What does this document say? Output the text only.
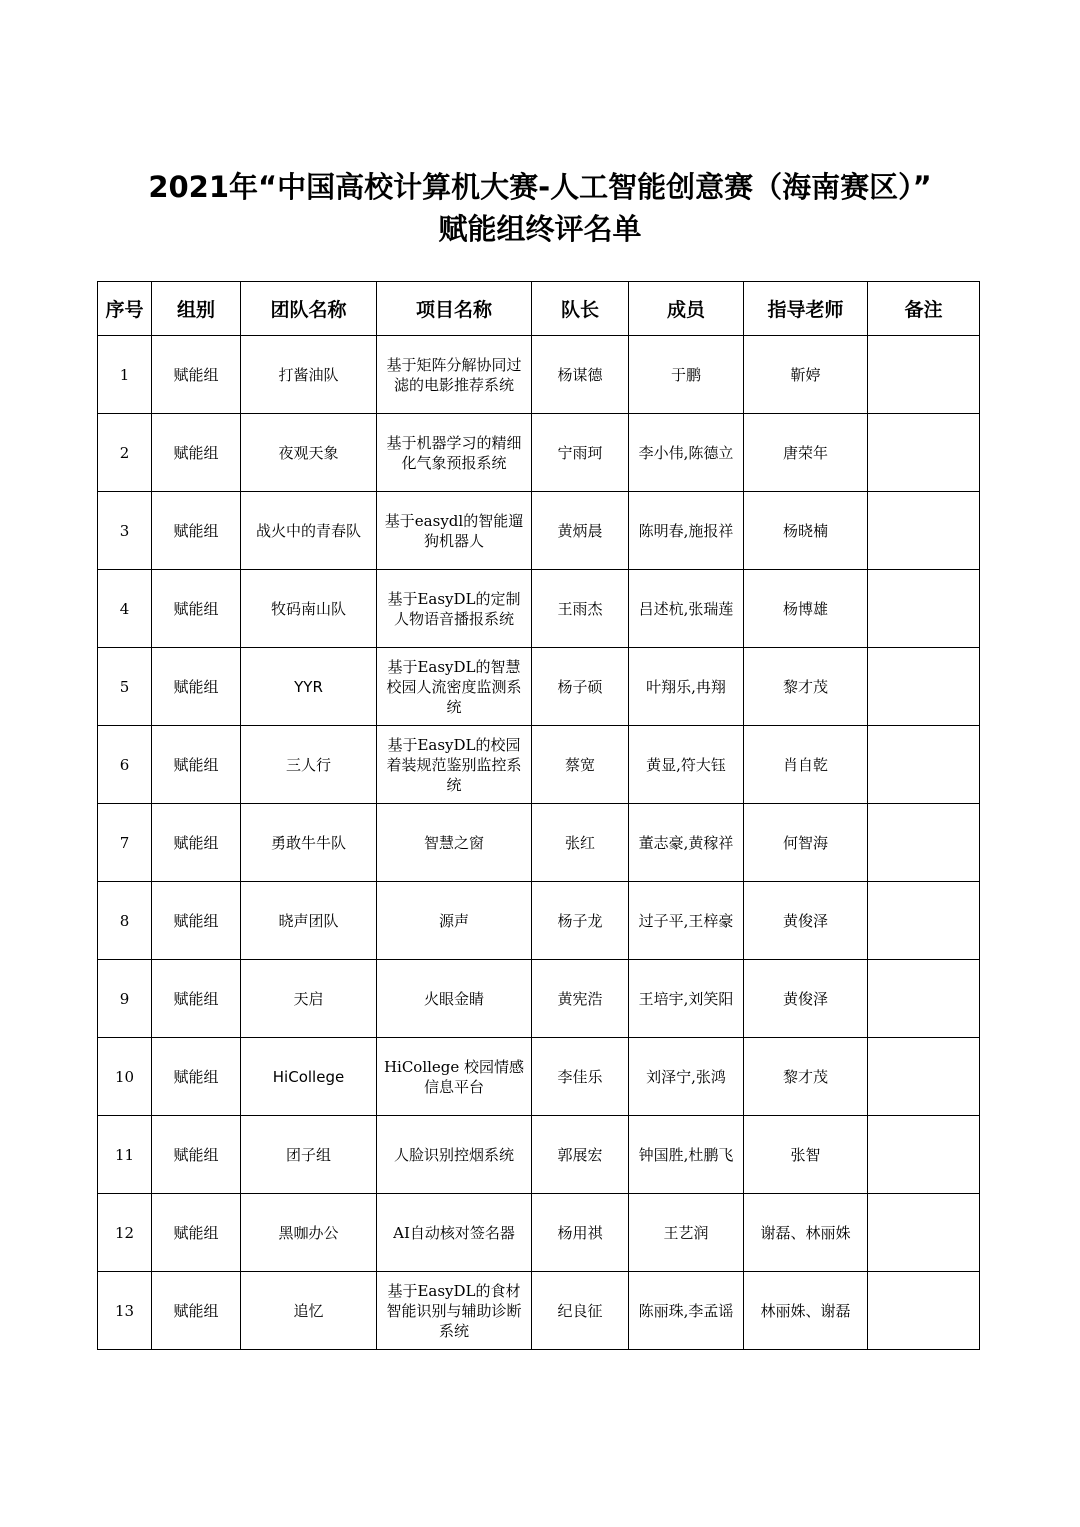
2021年“中国高校计算机大赛-人工智能创意赛（海南赛区）”
赋能组终评名单
序号	组别	团队名称	项目名称	队长	成员	指导老师	备注
1	赋能组	打酱油队	基于矩阵分解协同过滤的电影推荐系统	杨谋德	于鹏	靳婷	
2	赋能组	夜观天象	基于机器学习的精细化气象预报系统	宁雨珂	李小伟,陈德立	唐荣年	
3	赋能组	战火中的青春队	基于easydl的智能遛狗机器人	黄炳晨	陈明春,施报祥	杨晓楠	
4	赋能组	牧码南山队	基于EasyDL的定制人物语音播报系统	王雨杰	吕述杭,张瑞莲	杨博雄	
5	赋能组	YYR	基于EasyDL的智慧校园人流密度监测系统	杨子硕	叶翔乐,冉翔	黎才茂	
6	赋能组	三人行	基于EasyDL的校园着装规范鉴别监控系统	蔡宽	黄显,符大钰	肖自乾	
7	赋能组	勇敢牛牛队	智慧之窗	张红	董志豪,黄稼祥	何智海	
8	赋能组	晓声团队	源声	杨子龙	过子平,王梓豪	黄俊泽	
9	赋能组	天启	火眼金睛	黄宪浩	王培宇,刘笑阳	黄俊泽	
10	赋能组	HiCollege	HiCollege 校园情感信息平台	李佳乐	刘泽宁,张鸿	黎才茂	
11	赋能组	团子组	人脸识别控烟系统	郭展宏	钟国胜,杜鹏飞	张智	
12	赋能组	黑咖办公	AI自动核对签名器	杨用祺	王艺润	谢磊、林丽姝	
13	赋能组	追忆	基于EasyDL的食材智能识别与辅助诊断系统	纪良征	陈丽珠,李孟谣	林丽姝、谢磊	
